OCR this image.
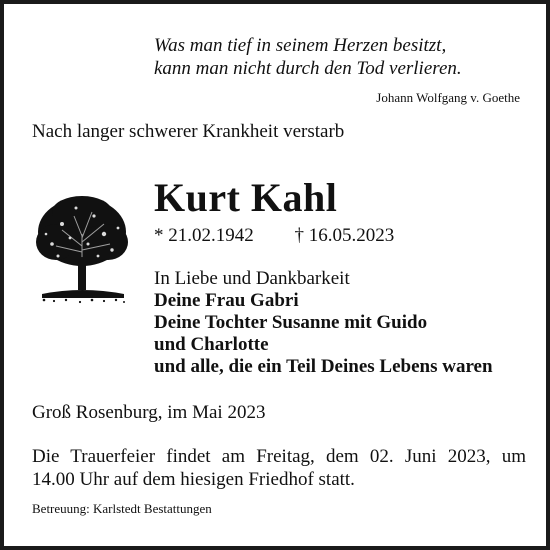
Was man tief in seinem Herzen besitzt,
kann man nicht durch den Tod verlieren.
Johann Wolfgang v. Goethe
Nach langer schwerer Krankheit verstarb
Kurt Kahl
* 21.02.1942 † 16.05.2023
In Liebe und Dankbarkeit
Deine Frau Gabri
Deine Tochter Susanne mit Guido
und Charlotte
und alle, die ein Teil Deines Lebens waren
Groß Rosenburg, im Mai 2023
Die Trauerfeier findet am Freitag, dem 02. Juni 2023, um
14.00 Uhr auf dem hiesigen Friedhof statt.
Betreuung: Karlstedt Bestattungen
